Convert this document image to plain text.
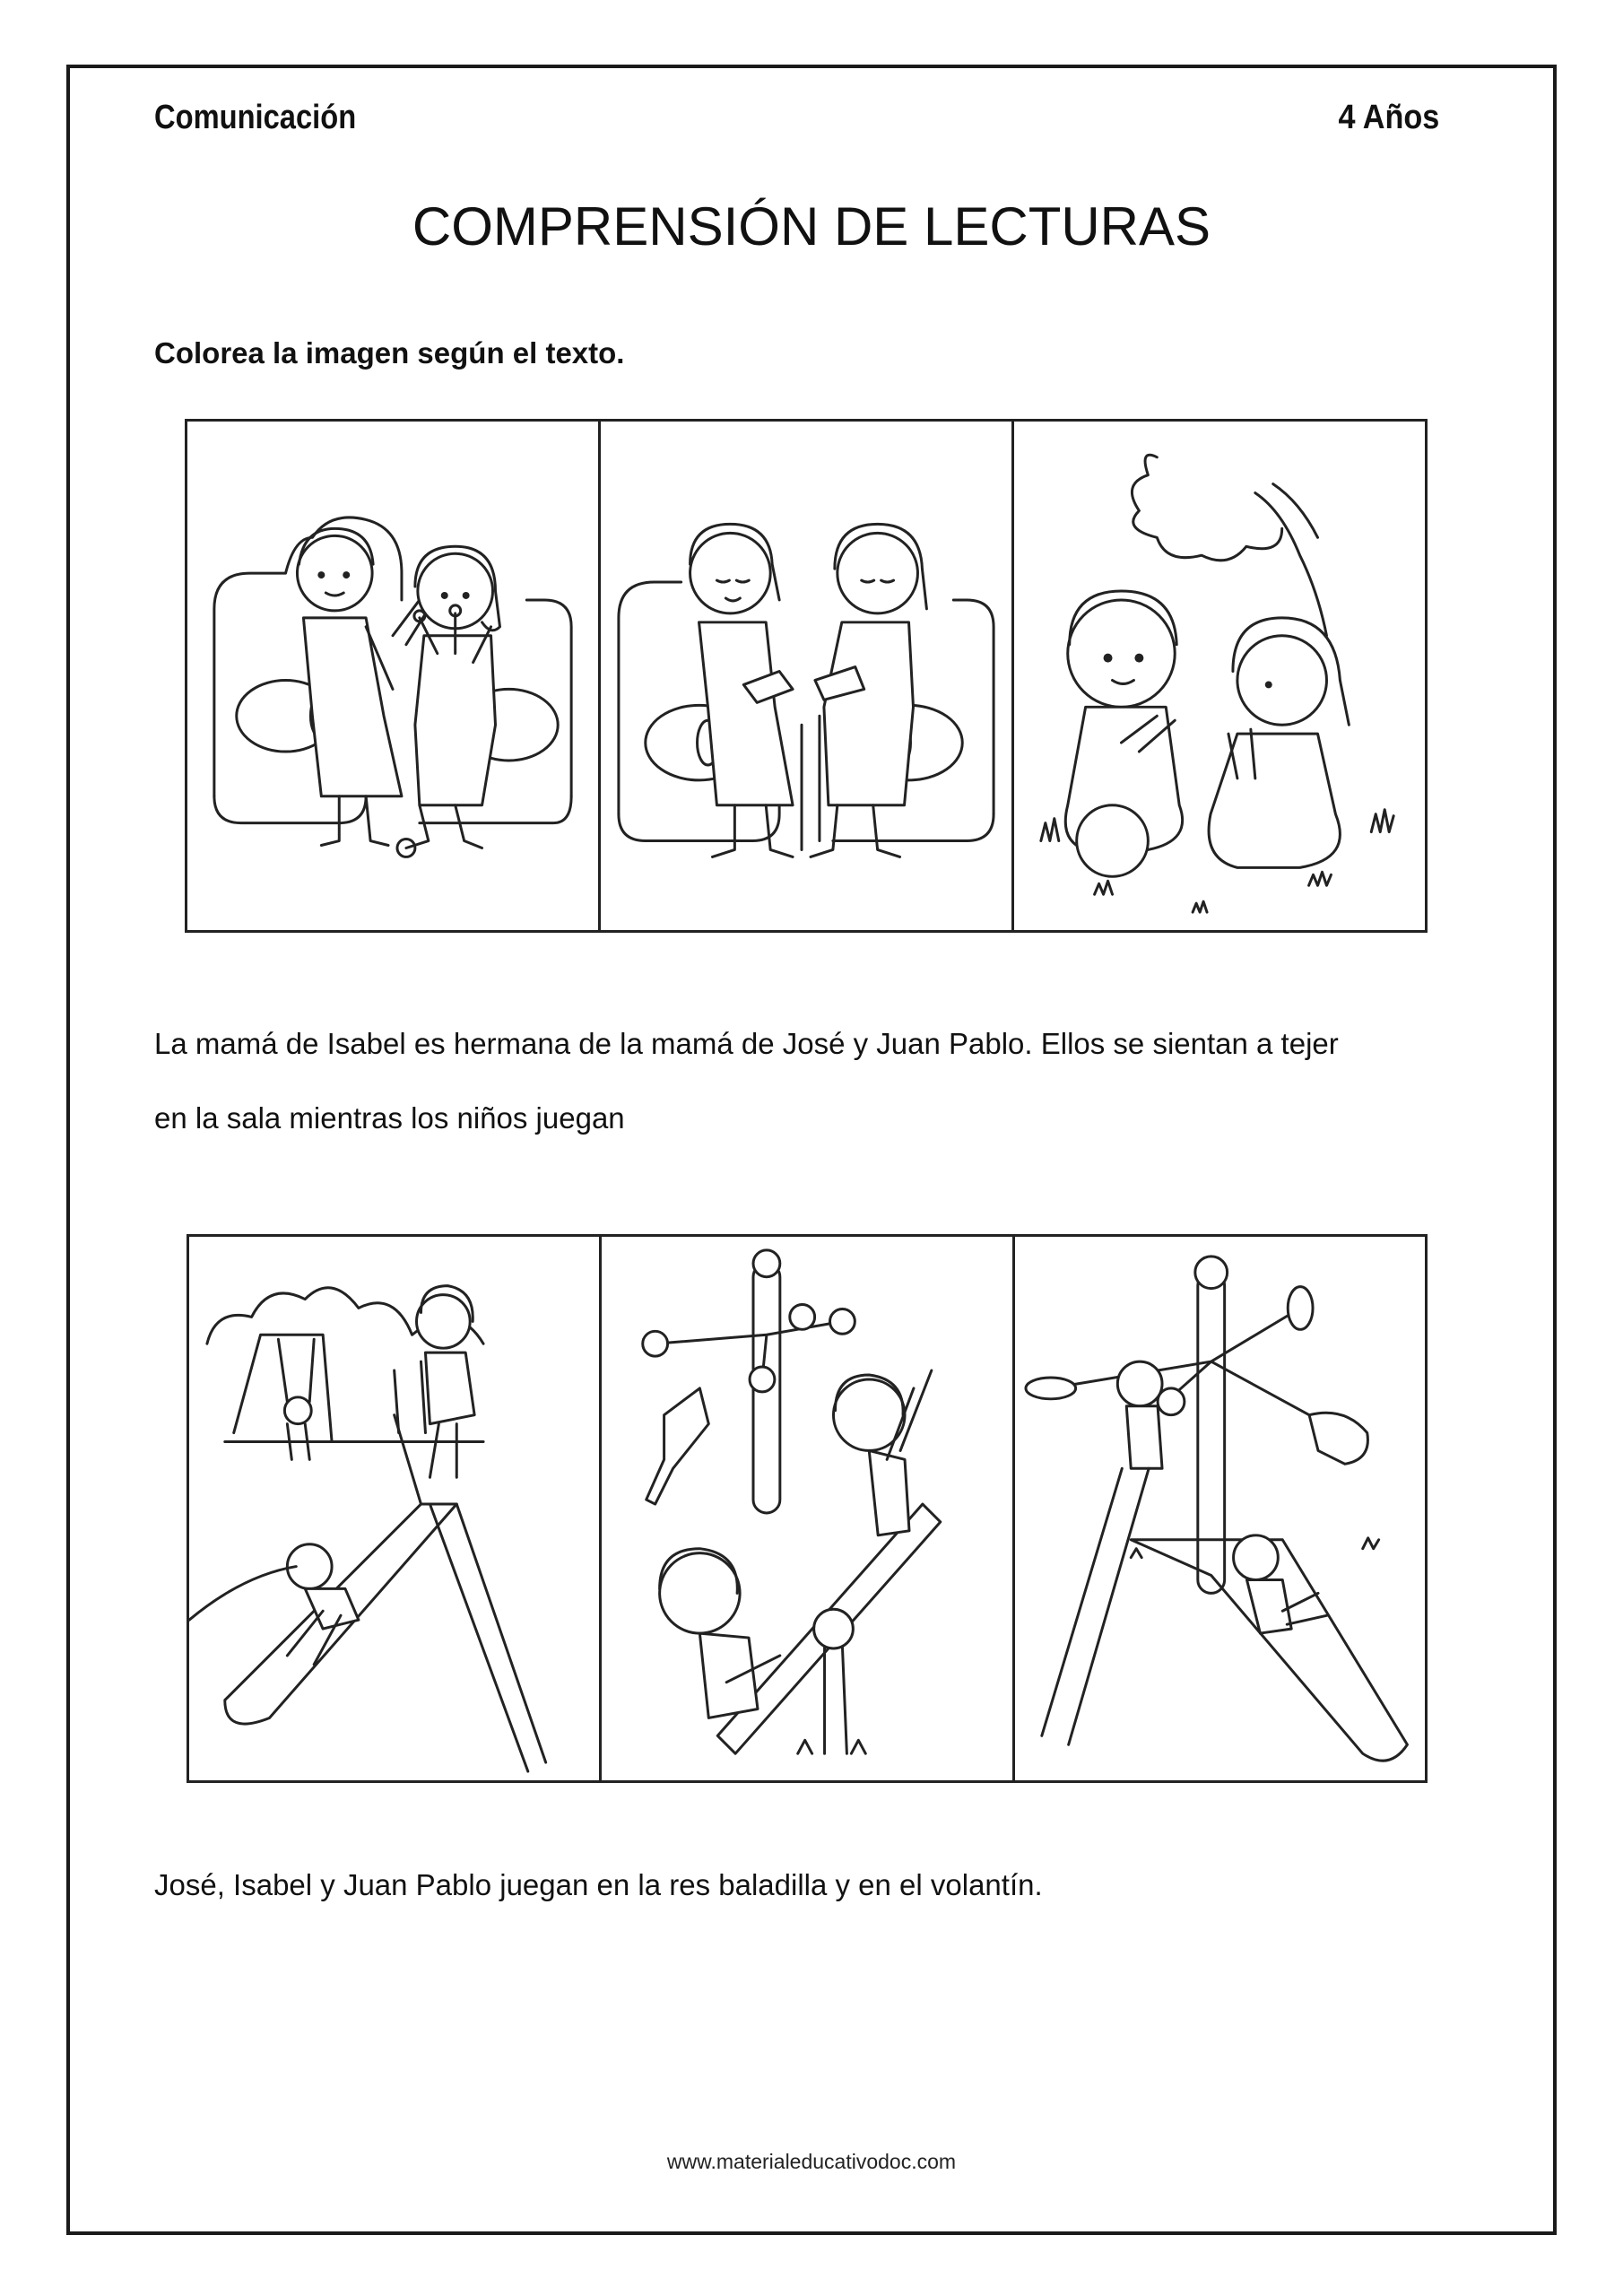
Comunicación	4 Años
COMPRENSIÓN DE LECTURAS
Colorea la imagen según el texto.
La mamá de Isabel es hermana de la mamá de José y Juan Pablo. Ellos se sientan a tejer
en la sala mientras los niños juegan
José, Isabel y Juan Pablo juegan en la res baladilla y en el volantín.
www.materialeducativodoc.com
